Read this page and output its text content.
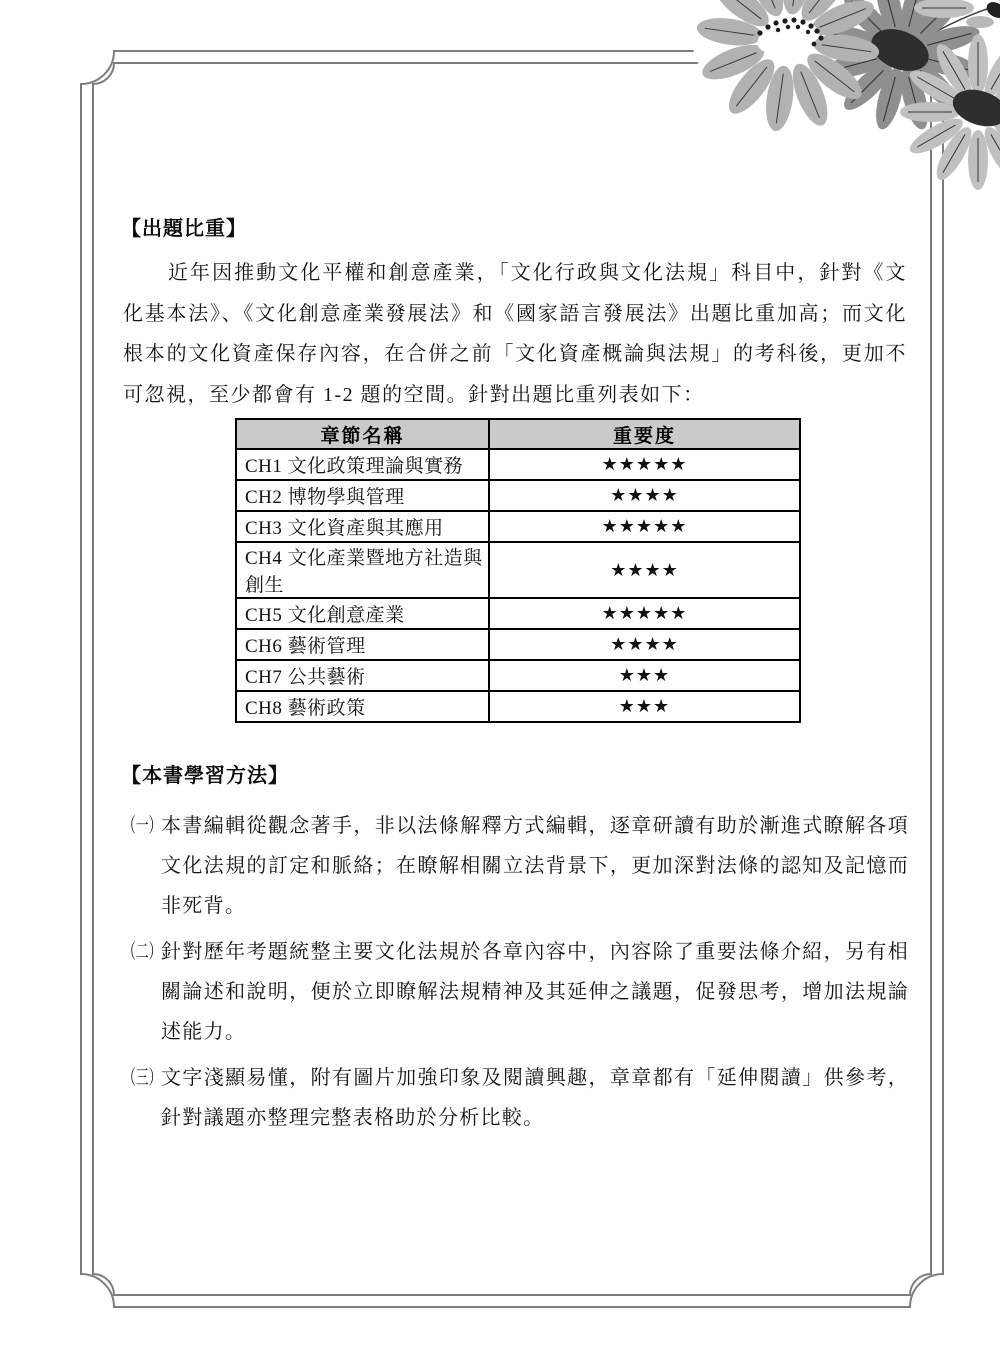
【出題比重】

近年因推動文化平權和創意產業，「文化行政與文化法規」科目中，針對《文化基本法》、《文化創意產業發展法》和《國家語言發展法》出題比重加高；而文化根本的文化資產保存內容，在合併之前「文化資產概論與法規」的考科後，更加不可忽視，至少都會有 1-2 題的空間。針對出題比重列表如下：

章節名稱	重要度
CH1 文化政策理論與實務	★★★★★
CH2 博物學與管理	★★★★
CH3 文化資產與其應用	★★★★★
CH4 文化產業暨地方社造與創生	★★★★
CH5 文化創意產業	★★★★★
CH6 藝術管理	★★★★
CH7 公共藝術	★★★
CH8 藝術政策	★★★
【本書學習方法】
（一） 本書編輯從觀念著手，非以法條解釋方式編輯，逐章研讀有助於漸進式瞭解各項文化法規的訂定和脈絡；在瞭解相關立法背景下，更加深對法條的認知及記憶而非死背。
（二） 針對歷年考題統整主要文化法規於各章內容中，內容除了重要法條介紹，另有相關論述和說明，便於立即瞭解法規精神及其延伸之議題，促發思考，增加法規論述能力。
（三） 文字淺顯易懂，附有圖片加強印象及閱讀興趣，章章都有「延伸閱讀」供參考，針對議題亦整理完整表格助於分析比較。
